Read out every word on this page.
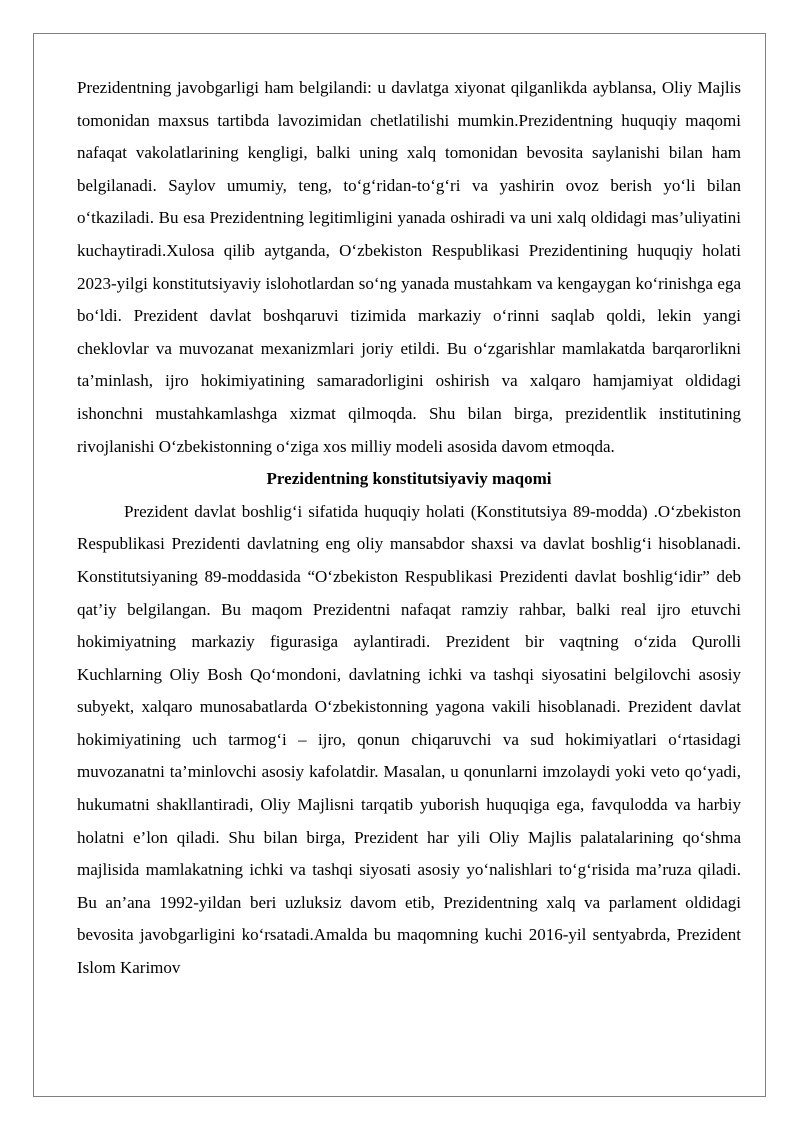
Prezidentning javobgarligi ham belgilandi: u davlatga xiyonat qilganlikda ayblansa, Oliy Majlis tomonidan maxsus tartibda lavozimidan chetlatilishi mumkin.Prezidentning huquqiy maqomi nafaqat vakolatlarining kengligi, balki uning xalq tomonidan bevosita saylanishi bilan ham belgilanadi. Saylov umumiy, teng, to‘g‘ridan-to‘g‘ri va yashirin ovoz berish yo‘li bilan o‘tkaziladi. Bu esa Prezidentning legitimligini yanada oshiradi va uni xalq oldidagi mas’uliyatini kuchaytiradi.Xulosa qilib aytganda, O‘zbekiston Respublikasi Prezidentining huquqiy holati 2023-yilgi konstitutsiyaviy islohotlardan so‘ng yanada mustahkam va kengaygan ko‘rinishga ega bo‘ldi. Prezident davlat boshqaruvi tizimida markaziy o‘rinni saqlab qoldi, lekin yangi cheklovlar va muvozanat mexanizmlari joriy etildi. Bu o‘zgarishlar mamlakatda barqarorlikni ta’minlash, ijro hokimiyatining samaradorligini oshirish va xalqaro hamjamiyat oldidagi ishonchni mustahkamlashga xizmat qilmoqda. Shu bilan birga, prezidentlik institutining rivojlanishi O‘zbekistonning o‘ziga xos milliy modeli asosida davom etmoqda.

Prezidentning konstitutsiyaviy maqomi

Prezident davlat boshlig‘i sifatida huquqiy holati (Konstitutsiya 89-modda) .O‘zbekiston Respublikasi Prezidenti davlatning eng oliy mansabdor shaxsi va davlat boshlig‘i hisoblanadi. Konstitutsiyaning 89-moddasida “O‘zbekiston Respublikasi Prezidenti davlat boshlig‘idir” deb qat’iy belgilangan. Bu maqom Prezidentni nafaqat ramziy rahbar, balki real ijro etuvchi hokimiyatning markaziy figurasiga aylantiradi. Prezident bir vaqtning o‘zida Qurolli Kuchlarning Oliy Bosh Qo‘mondoni, davlatning ichki va tashqi siyosatini belgilovchi asosiy subyekt, xalqaro munosabatlarda O‘zbekistonning yagona vakili hisoblanadi. Prezident davlat hokimiyatining uch tarmog‘i – ijro, qonun chiqaruvchi va sud hokimiyatlari o‘rtasidagi muvozanatni ta’minlovchi asosiy kafolatdir. Masalan, u qonunlarni imzolaydi yoki veto qo‘yadi, hukumatni shakllantiradi, Oliy Majlisni tarqatib yuborish huquqiga ega, favqulodda va harbiy holatni e’lon qiladi. Shu bilan birga, Prezident har yili Oliy Majlis palatalarining qo‘shma majlisida mamlakatning ichki va tashqi siyosati asosiy yo‘nalishlari to‘g‘risida ma’ruza qiladi. Bu an’ana 1992-yildan beri uzluksiz davom etib, Prezidentning xalq va parlament oldidagi bevosita javobgarligini ko‘rsatadi.Amalda bu maqomning kuchi 2016-yil sentyabrda, Prezident Islom Karimov
